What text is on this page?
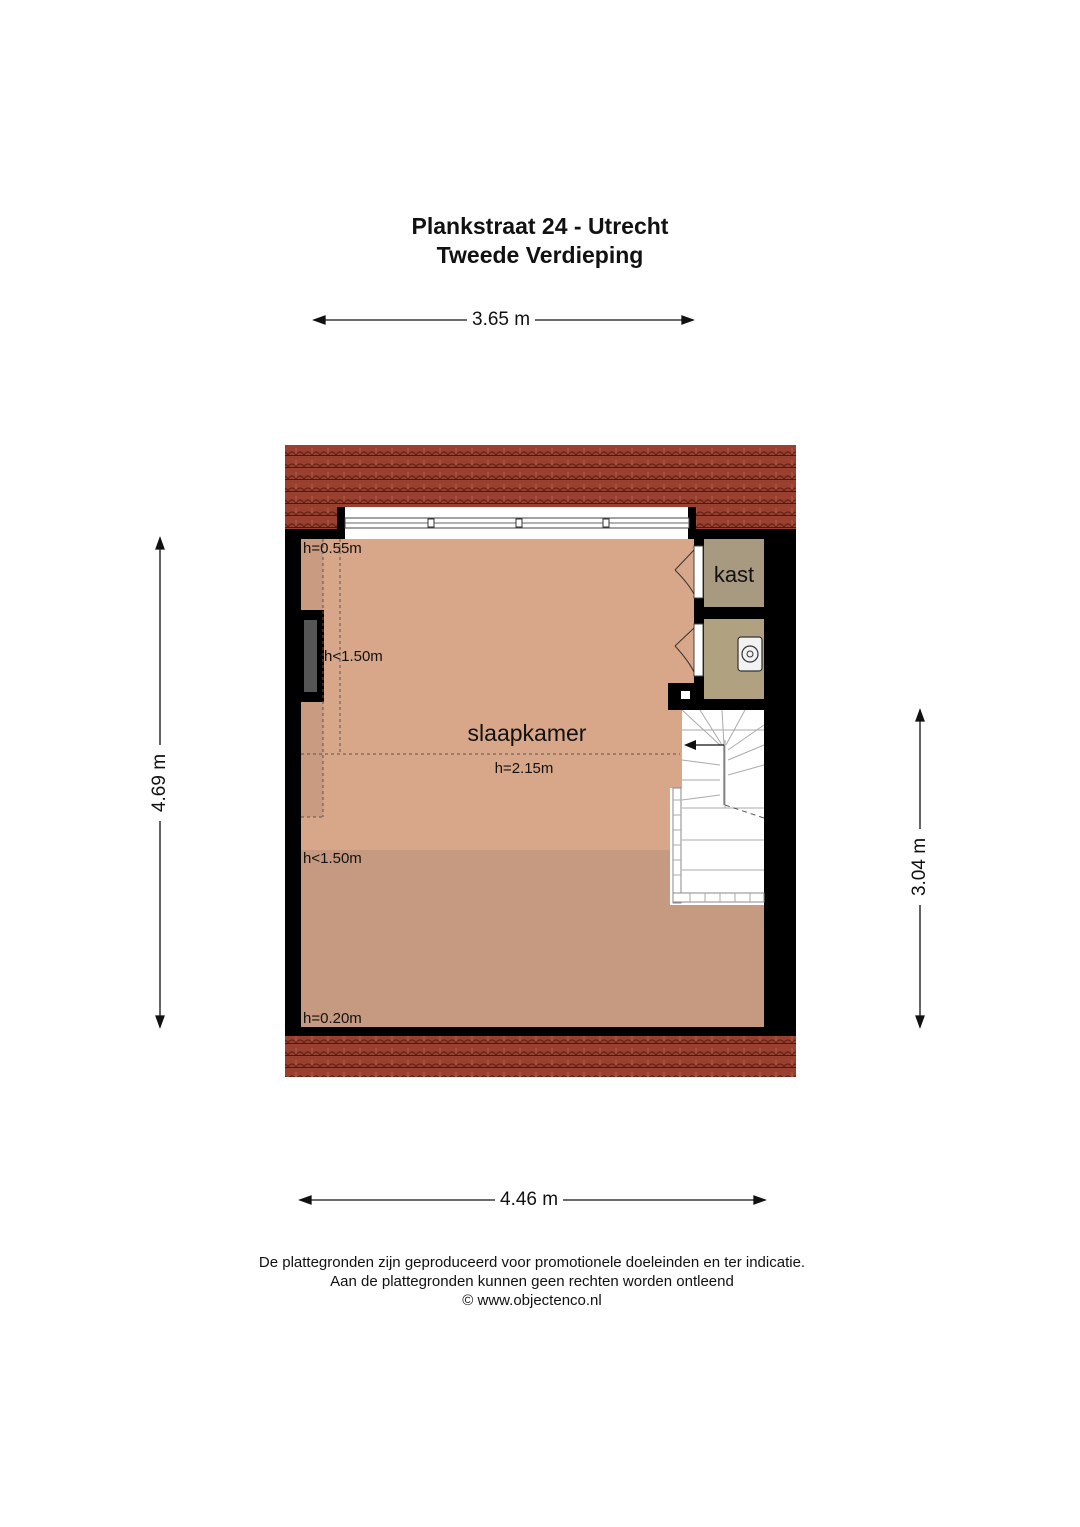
Plankstraat 24 - Utrecht
Tweede Verdieping
slaapkamer
kast
h=0.55m
h<1.50m
h=2.15m
h<1.50m
h=0.20m
3.65 m
4.46 m
4.69 m
3.04 m
De plattegronden zijn geproduceerd voor promotionele doeleinden en ter indicatie.
Aan de plattegronden kunnen geen rechten worden ontleend
© www.objectenco.nl
